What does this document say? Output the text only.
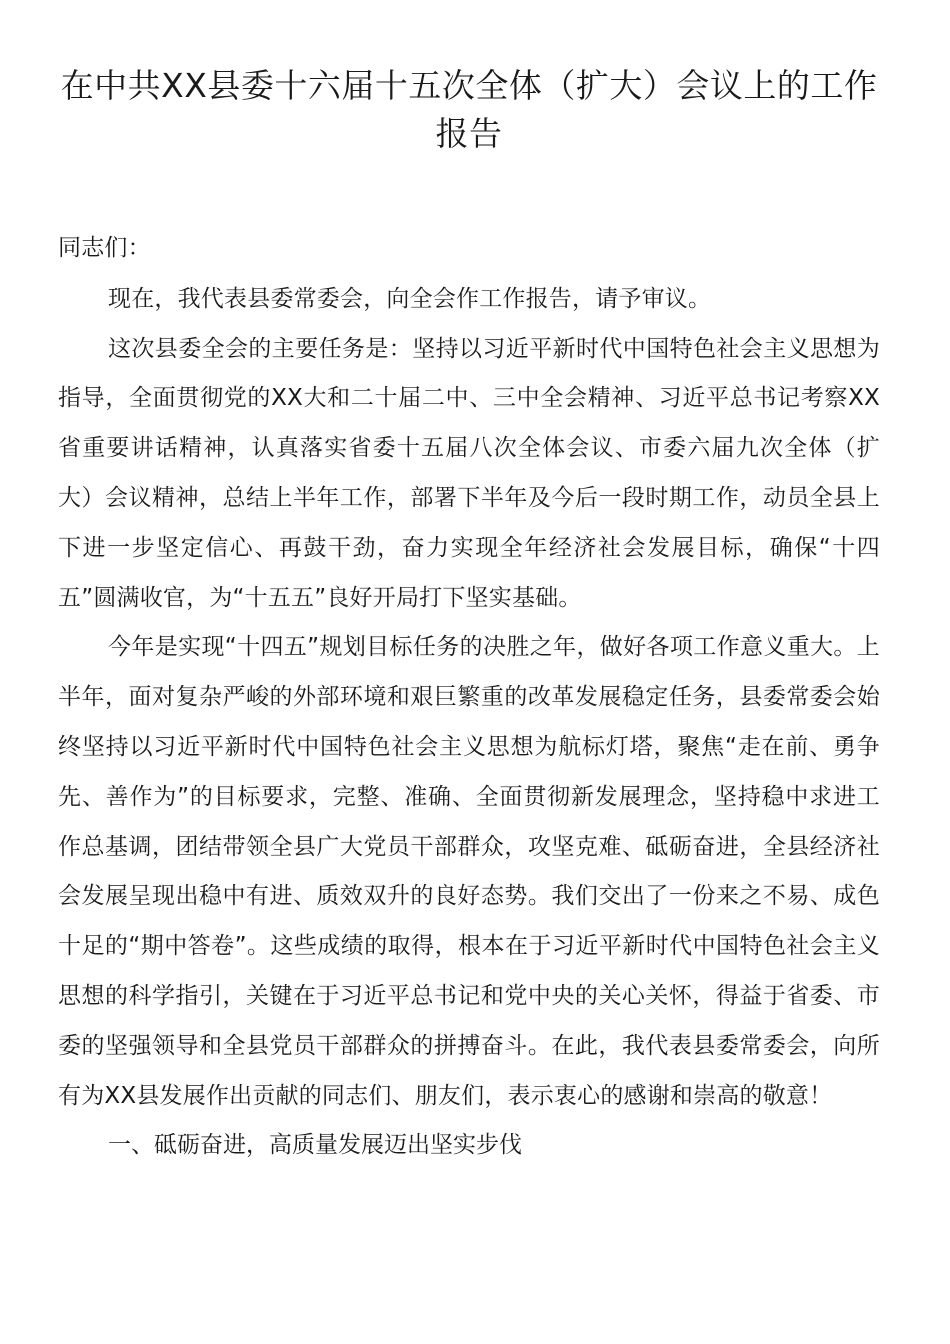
在中共XX县委十六届十五次全体（扩大）会议上的工作报告

同志们：

现在，我代表县委常委会，向全会作工作报告，请予审议。

这次县委全会的主要任务是：坚持以习近平新时代中国特色社会主义思想为指导，全面贯彻党的XX大和二十届二中、三中全会精神、习近平总书记考察XX省重要讲话精神，认真落实省委十五届八次全体会议、市委六届九次全体（扩大）会议精神，总结上半年工作，部署下半年及今后一段时期工作，动员全县上下进一步坚定信心、再鼓干劲，奋力实现全年经济社会发展目标，确保“十四五”圆满收官，为“十五五”良好开局打下坚实基础。

今年是实现“十四五”规划目标任务的决胜之年，做好各项工作意义重大。上半年，面对复杂严峻的外部环境和艰巨繁重的改革发展稳定任务，县委常委会始终坚持以习近平新时代中国特色社会主义思想为航标灯塔，聚焦“走在前、勇争先、善作为”的目标要求，完整、准确、全面贯彻新发展理念，坚持稳中求进工作总基调，团结带领全县广大党员干部群众，攻坚克难、砥砺奋进，全县经济社会发展呈现出稳中有进、质效双升的良好态势。我们交出了一份来之不易、成色十足的“期中答卷”。这些成绩的取得，根本在于习近平新时代中国特色社会主义思想的科学指引，关键在于习近平总书记和党中央的关心关怀，得益于省委、市委的坚强领导和全县党员干部群众的拼搏奋斗。在此，我代表县委常委会，向所有为XX县发展作出贡献的同志们、朋友们，表示衷心的感谢和崇高的敬意！

一、砥砺奋进，高质量发展迈出坚实步伐
